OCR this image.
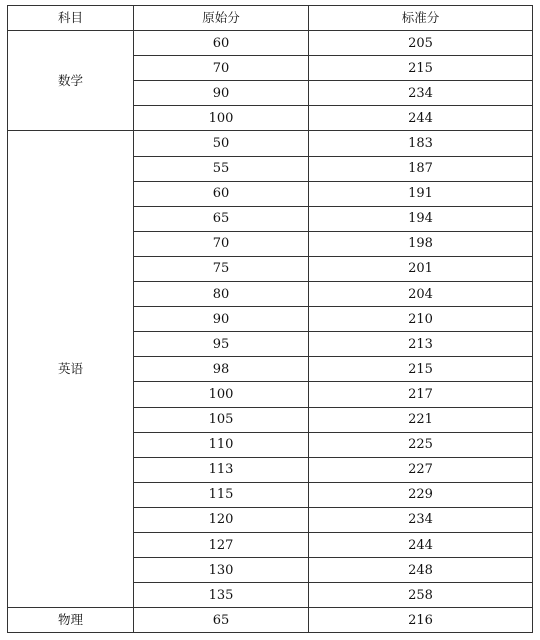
科目	原始分	标准分
数学	60	205
	70	215
	90	234
	100	244
英语	50	183
	55	187
	60	191
	65	194
	70	198
	75	201
	80	204
	90	210
	95	213
	98	215
	100	217
	105	221
	110	225
	113	227
	115	229
	120	234
	127	244
	130	248
	135	258
物理	65	216
